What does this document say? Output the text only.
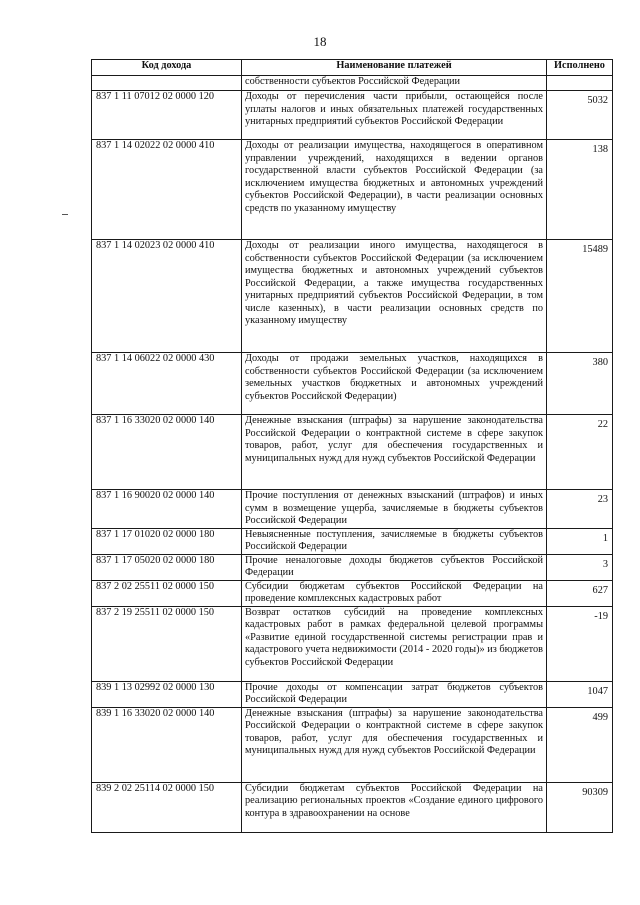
18
Код дохода	Наименование платежей	Исполнено
	собственности субъектов Российской Федерации	
837 1 11 07012 02 0000 120	Доходы от перечисления части прибыли, остающейся после уплаты налогов и иных обязательных платежей государственных унитарных предприятий субъектов Российской Федерации	5032
837 1 14 02022 02 0000 410	Доходы от реализации имущества, находящегося в оперативном управлении учреждений, находящихся в ведении органов государственной власти субъектов Российской Федерации (за исключением имущества бюджетных и автономных учреждений субъектов Российской Федерации), в части реализации основных средств по указанному имуществу	138
837 1 14 02023 02 0000 410	Доходы от реализации иного имущества, находящегося в собственности субъектов Российской Федерации (за исключением имущества бюджетных и автономных учреждений субъектов Российской Федерации, а также имущества государственных унитарных предприятий субъектов Российской Федерации, в том числе казенных), в части реализации основных средств по указанному имуществу	15489
837 1 14 06022 02 0000 430	Доходы от продажи земельных участков, находящихся в собственности субъектов Российской Федерации (за исключением земельных участков бюджетных и автономных учреждений субъектов Российской Федерации)	380
837 1 16 33020 02 0000 140	Денежные взыскания (штрафы) за нарушение законодательства Российской Федерации о контрактной системе в сфере закупок товаров, работ, услуг для обеспечения государственных и муниципальных нужд для нужд субъектов Российской Федерации	22
837 1 16 90020 02 0000 140	Прочие поступления от денежных взысканий (штрафов) и иных сумм в возмещение ущерба, зачисляемые в бюджеты субъектов Российской Федерации	23
837 1 17 01020 02 0000 180	Невыясненные поступления, зачисляемые в бюджеты субъектов Российской Федерации	1
837 1 17 05020 02 0000 180	Прочие неналоговые доходы бюджетов субъектов Российской Федерации	3
837 2 02 25511 02 0000 150	Субсидии бюджетам субъектов Российской Федерации на проведение комплексных кадастровых работ	627
837 2 19 25511 02 0000 150	Возврат остатков субсидий на проведение комплексных кадастровых работ в рамках федеральной целевой программы «Развитие единой государственной системы регистрации прав и кадастрового учета недвижимости (2014 - 2020 годы)» из бюджетов субъектов Российской Федерации	-19
839 1 13 02992 02 0000 130	Прочие доходы от компенсации затрат бюджетов субъектов Российской Федерации	1047
839 1 16 33020 02 0000 140	Денежные взыскания (штрафы) за нарушение законодательства Российской Федерации о контрактной системе в сфере закупок товаров, работ, услуг для обеспечения государственных и муниципальных нужд для нужд субъектов Российской Федерации	499
839 2 02 25114 02 0000 150	Субсидии бюджетам субъектов Российской Федерации на реализацию региональных проектов «Создание единого цифрового контура в здравоохранении на основе	90309
